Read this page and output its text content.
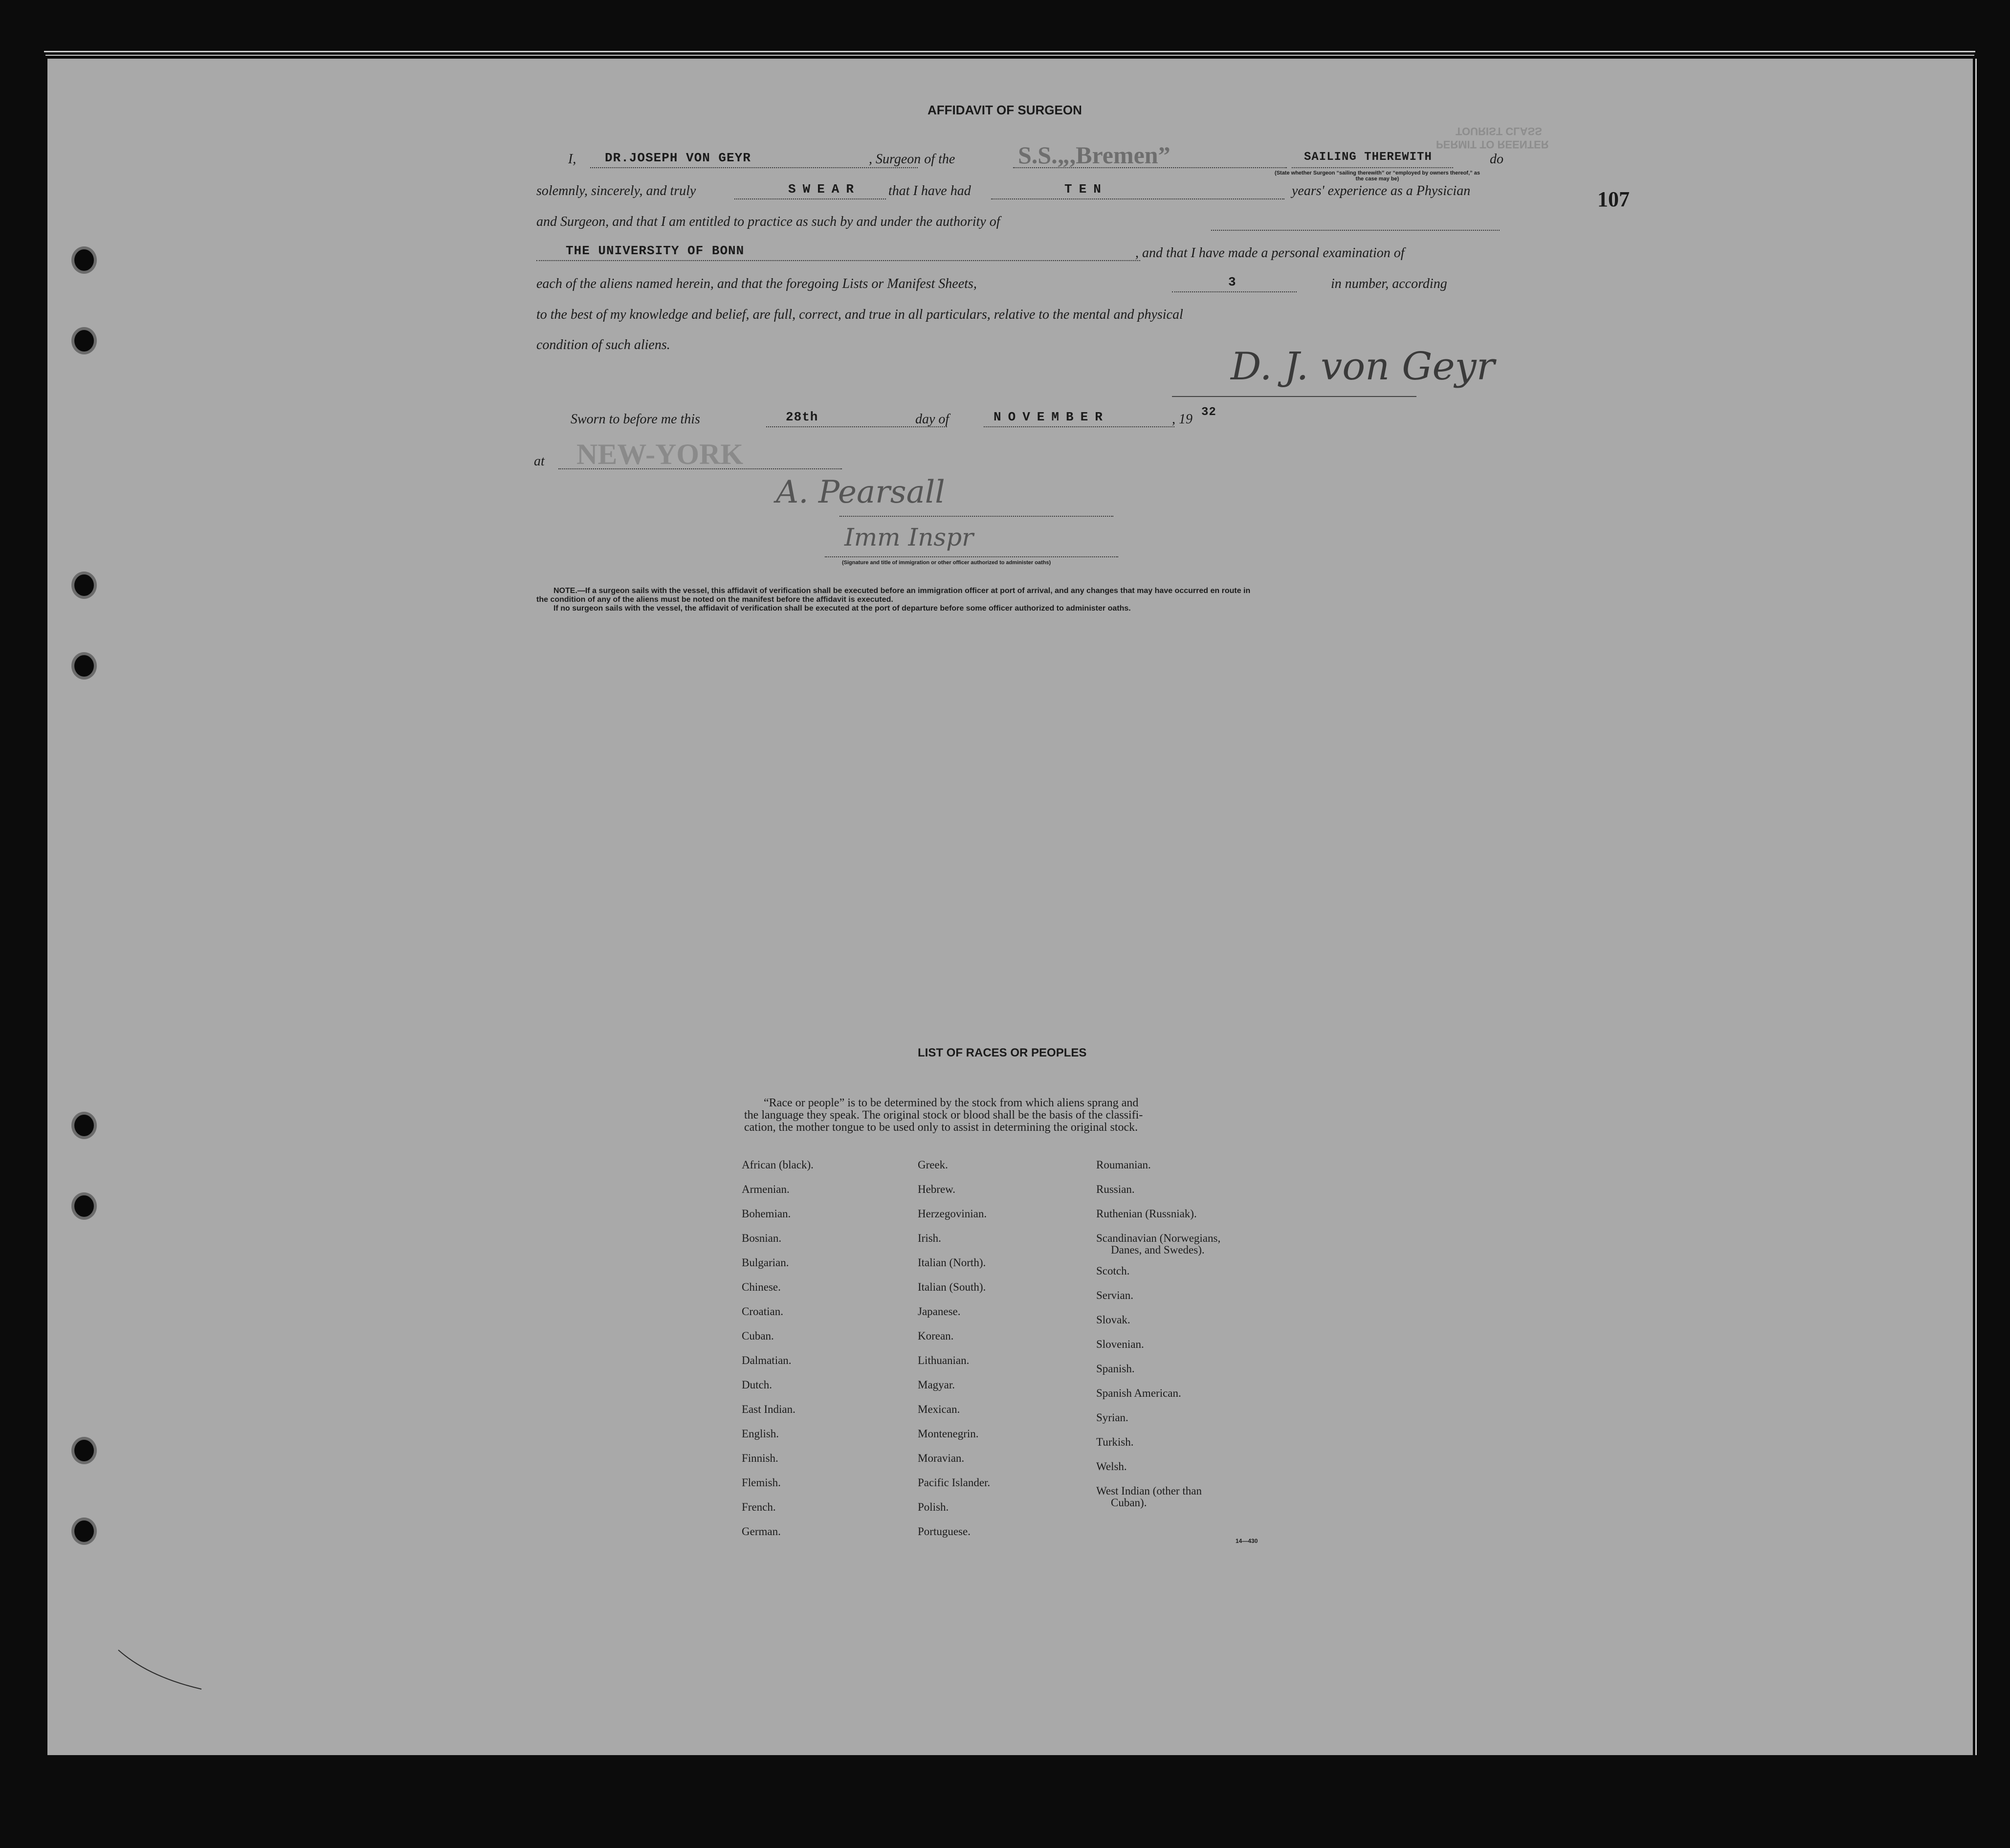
TOURIST CLASS
PERMIT TO REENTER
107
AFFIDAVIT OF SURGEON
I, DR.JOSEPH VON GEYR	, Surgeon of the	S.S.„,Bremen”	SAILING THEREWITH
(State whether Surgeon “sailing therewith” or “employed by owners thereof,” as the case may be)
do
solemnly, sincerely, and truly	SWEAR that I have had	TEN	years' experience as a Physician
and Surgeon, and that I am entitled to practice as such by and under the authority of
THE UNIVERSITY OF BONN	, and that I have made a personal examination of
each of the aliens named herein, and that the foregoing Lists or Manifest Sheets,	3	in number, according
to the best of my knowledge and belief, are full, correct, and true in all particulars, relative to the mental and physical
condition of such aliens.	D. J. von Geyr
Sworn to before me this	28th	day of	NOVEMBER	, 19 32
at NEW-YORK
A. Pearsall
Imm Inspr
(Signature and title of immigration or other officer authorized to administer oaths)
NOTE.—If a surgeon sails with the vessel, this affidavit of verification shall be executed before an immigration officer at port of arrival, and any changes that may have occurred en route in
the condition of any of the aliens must be noted on the manifest before the affidavit is executed.
If no surgeon sails with the vessel, the affidavit of verification shall be executed at the port of departure before some officer authorized to administer oaths.
LIST OF RACES OR PEOPLES
“Race or people” is to be determined by the stock from which aliens sprang and
the language they speak. The original stock or blood shall be the basis of the classifi-
cation, the mother tongue to be used only to assist in determining the original stock.
African (black).
Armenian.
Bohemian.
Bosnian.
Bulgarian.
Chinese.
Croatian.
Cuban.
Dalmatian.
Dutch.
East Indian.
English.
Finnish.
Flemish.
French.
German.
Greek.
Hebrew.
Herzegovinian.
Irish.
Italian (North).
Italian (South).
Japanese.
Korean.
Lithuanian.
Magyar.
Mexican.
Montenegrin.
Moravian.
Pacific Islander.
Polish.
Portuguese.
Roumanian.
Russian.
Ruthenian (Russniak).
Scandinavian (Norwegians,
Danes, and Swedes).
Scotch.
Servian.
Slovak.
Slovenian.
Spanish.
Spanish American.
Syrian.
Turkish.
Welsh.
West Indian (other than
Cuban).
14—430
